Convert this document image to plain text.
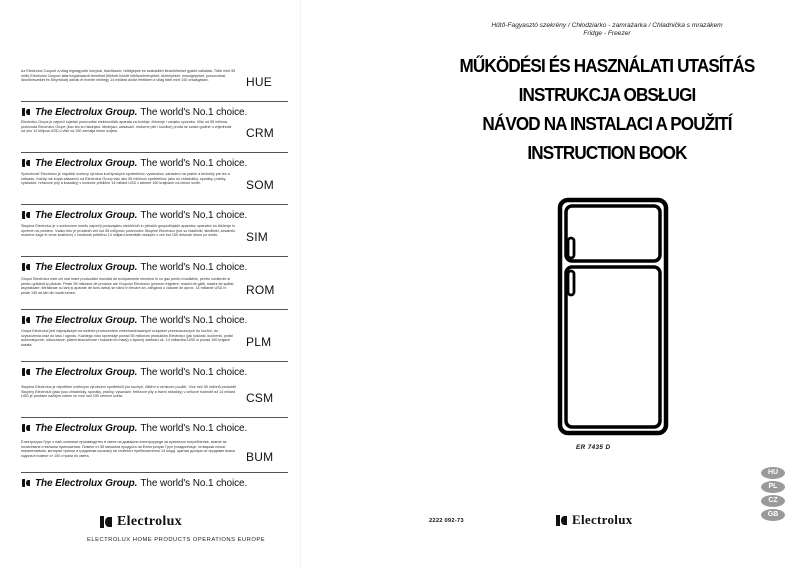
Az Electrolux Csoport a világ legnagyobb konyhai, tisztítószer, hűtőgépek és szabadtéri készülékeket gyártó vállalata. Több mint 55 millió Electrolux Csoport által forgalmazott terméket (többek között hűtőszekrényeket, tűzhelyeket, mosógépeket, porszívókat, láncfűrészeket és fűnyírókat) adnak el évente mintegy 14 milliárd dollár értékben a világ több mint 150 országában.	HUE
The Electrolux Group. The world's No.1 choice.
Electrolux Grupa je najveći svjetski proizvođač elektroničkih aparata za kuhinje, čišćenje i vanjsku uporabu. Više od 55 miliona proizvoda Electrolux Grupe (kao što su hladnjaci, štednjaci, usisavači, motorne pile i kosilice) proda se svake godine u vrijednosti od oko 14 bilijona USD u više od 150 zemalja širom svijeta.	CRM
The Electrolux Group. The world's No.1 choice.
Spoločnosť Electrolux je najväčší svetový výrobca kuchynských spotrebičov, vysávačov, zariadení na pranie a techniky pre les a záhradu. Každý rok kúpia zákazníci od Electrolux Group viac ako 55 miliónov spotrebičov (ako sú chladničky, sporáky, práčky, vysávače, reťazové píly a kosačky) v hodnote približne 14 miliárd USD v takmer 150 krajinách na celom svete.	SOM
The Electrolux Group. The world's No.1 choice.
Skupina Electrolux je v svetovnem merilu največji proizvajalec električnih in plinskih gospodinjskih aparatov, aparatov za čiščenje in opreme na prostem. Vsako leto je prodanih več kot 55 milijonov proizvodov Skupine Electrolux (kot so hladilniki, štedilniki, sesalniki, motorne žage in vrtne kosilnice) v vrednosti približno 14 milijard ameriških dolarjev v več kot 150 državah širom po svetu.	SIM
The Electrolux Group. The world's No.1 choice.
Grupul Electrolux este cel mai mare producător mondial de echipamente electrice în cu gaz pentru bucătărie, pentru curățenie și pentru grădină și pădure. Peste 55 milioane de produse ale Grupului Electrolux (precum frigidere, mașini de gătit, mașini de spălat, aspiratoare, fierăstraie cu lanț și aparate de tuns iarba) se vând în fiecare an, atingând o valoare de aprox. 14 miliarde USD în peste 150 de țări din toată lumea.	ROM
The Electrolux Group. The world's No.1 choice.
Grupa Electrolux jest największym na świecie producentem zmechanizowanych urządzeń przeznaczonych do kuchni, do czyszczenia oraz do lasu i ogrodu. Każdego roku sprzedaje ponad 55 milionów produktów Electrolux (jak lodówki, kuchenki, pralki automatyczne, odkurzacze, piłami łańcuchowe i kosiarki do trawy) o łącznej wartości ok. 14 miliardów USD w ponad 150 krajach świata.	PLM
The Electrolux Group. The world's No.1 choice.
Skupina Electrolux je největším světovým výrobcem spotřebičů pro kuchyň, čištění a venkovní použití. Více než 55 miliónů produktů Skupiny Electrolux (jako jsou chladničky, sporáky, pračky, vysavače, řetězové pily a travní sekačky) v celkové hodnotě až 14 miliard USD je prodáno každým rokem ve více než 150 zemích světa.	CSM
The Electrolux Group. The world's No.1 choice.
Електролукс Груп е най-големият производител в света на домашни електроуреди за кухненско потребление, миене за почистване и външни приложения. Повече от 55 милиона продукта на Електролукс Груп (хладилници, готварски печки, пералноземни, моторни триони и градински косачки) на стойност приблизително 14 млрд. щатски долара се продават всяка година в повече от 150 страни по света.	BUM
The Electrolux Group. The world's No.1 choice.
Electrolux
ELECTROLUX HOME PRODUCTS OPERATIONS EUROPE
Hűtő-Fagyasztó szekrény / Chłodziarko - zamrażarka / Chladnička s mrazákem
Fridge - Freezer
MŰKÖDÉSI ÉS HASZNÁLATI UTASÍTÁS
INSTRUKCJA OBSŁUGI
NÁVOD NA INSTALACI A POUŽITÍ
INSTRUCTION BOOK
ER 7435 D
HU
PL
CZ
GB
2222 092-73	Electrolux
